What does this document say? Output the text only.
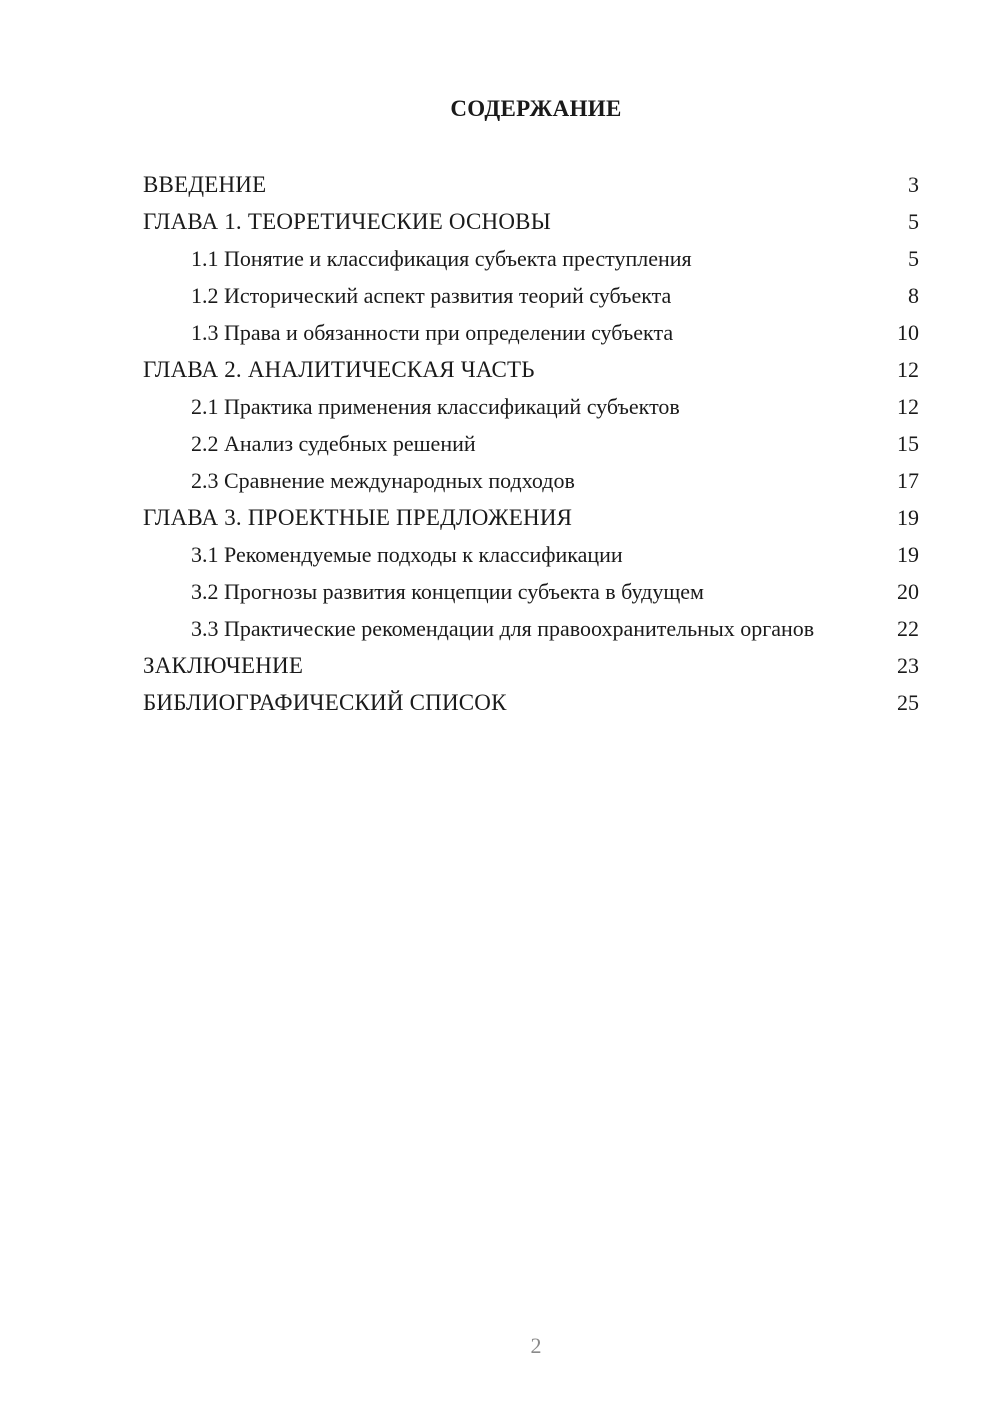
СОДЕРЖАНИЕ
ВВЕДЕНИЕ	3
ГЛАВА 1. ТЕОРЕТИЧЕСКИЕ ОСНОВЫ	5
1.1 Понятие и классификация субъекта преступления	5
1.2 Исторический аспект развития теорий субъекта	8
1.3 Права и обязанности при определении субъекта	10
ГЛАВА 2. АНАЛИТИЧЕСКАЯ ЧАСТЬ	12
2.1 Практика применения классификаций субъектов	12
2.2 Анализ судебных решений	15
2.3 Сравнение международных подходов	17
ГЛАВА 3. ПРОЕКТНЫЕ ПРЕДЛОЖЕНИЯ	19
3.1 Рекомендуемые подходы к классификации	19
3.2 Прогнозы развития концепции субъекта в будущем	20
3.3 Практические рекомендации для правоохранительных органов	22
ЗАКЛЮЧЕНИЕ	23
БИБЛИОГРАФИЧЕСКИЙ СПИСОК	25
2
